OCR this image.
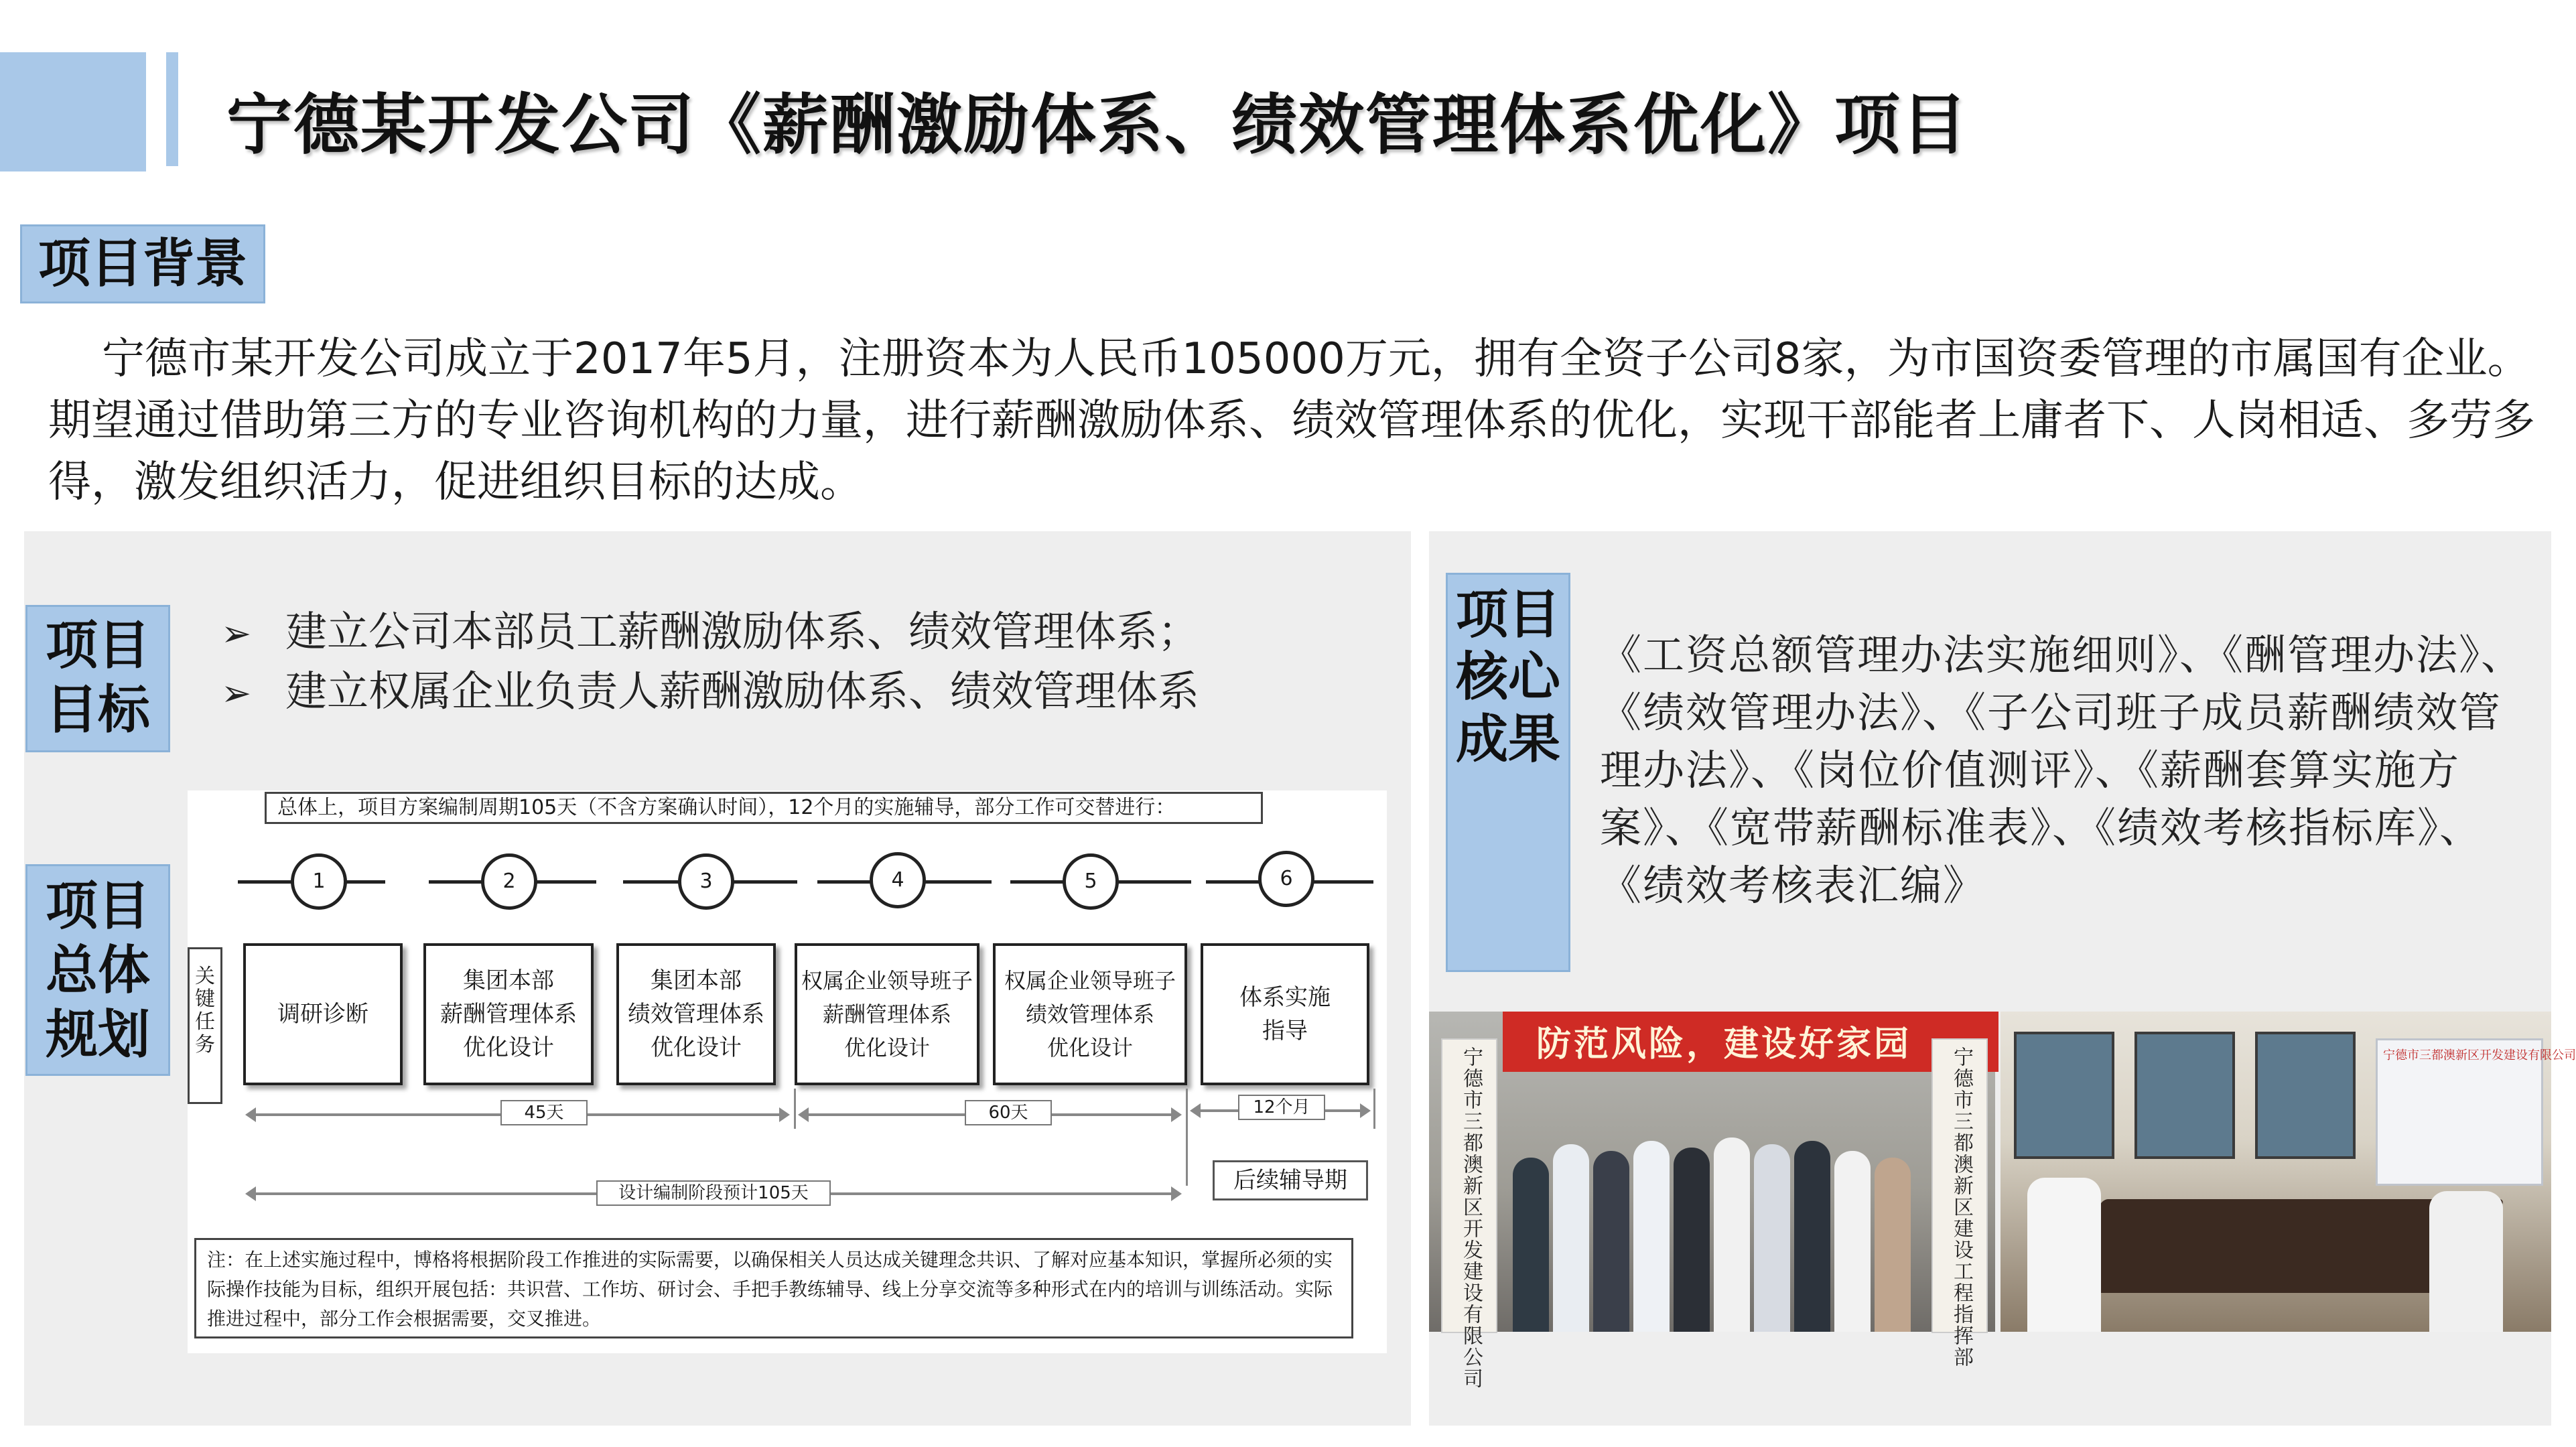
宁德某开发公司《薪酬激励体系、绩效管理体系优化》项目
项目背景
宁德市某开发公司成立于2017年5月，注册资本为人民币105000万元，拥有全资子公司8家，为市国资委管理的市属国有企业。期望通过借助第三方的专业咨询机构的力量，进行薪酬激励体系、绩效管理体系的优化，实现干部能者上庸者下、人岗相适、多劳多得，激发组织活力，促进组织目标的达成。
项目目标
➢ 建立公司本部员工薪酬激励体系、绩效管理体系；
➢ 建立权属企业负责人薪酬激励体系、绩效管理体系
项目总体规划
项目核心成果
《工资总额管理办法实施细则》、《酬管理办法》、《绩效管理办法》、《子公司班子成员薪酬绩效管理办法》、《岗位价值测评》、《薪酬套算实施方案》、《宽带薪酬标准表》、《绩效考核指标库》、《绩效考核表汇编》
总体上，项目方案编制周期105天（不含方案确认时间），12个月的实施辅导，部分工作可交替进行：
1	2	3	4	5	6
关键任务
调研诊断
集团本部
薪酬管理体系
优化设计
集团本部
绩效管理体系
优化设计
权属企业领导班子
薪酬管理体系
优化设计
权属企业领导班子
绩效管理体系
优化设计
体系实施
指导
45天	60天	12个月
设计编制阶段预计105天	后续辅导期
注：在上述实施过程中，博格将根据阶段工作推进的实际需要，以确保相关人员达成关键理念共识、了解对应基本知识，掌握所必须的实际操作技能为目标，组织开展包括：共识营、工作坊、研讨会、手把手教练辅导、线上分享交流等多种形式在内的培训与训练活动。实际推进过程中，部分工作会根据需要，交叉推进。
防范风险，建设好家园
宁德市三都澳新区开发建设有限公司	宁德市三都澳新区建设工程指挥部	宁德市三都澳新区开发建设有限公司
